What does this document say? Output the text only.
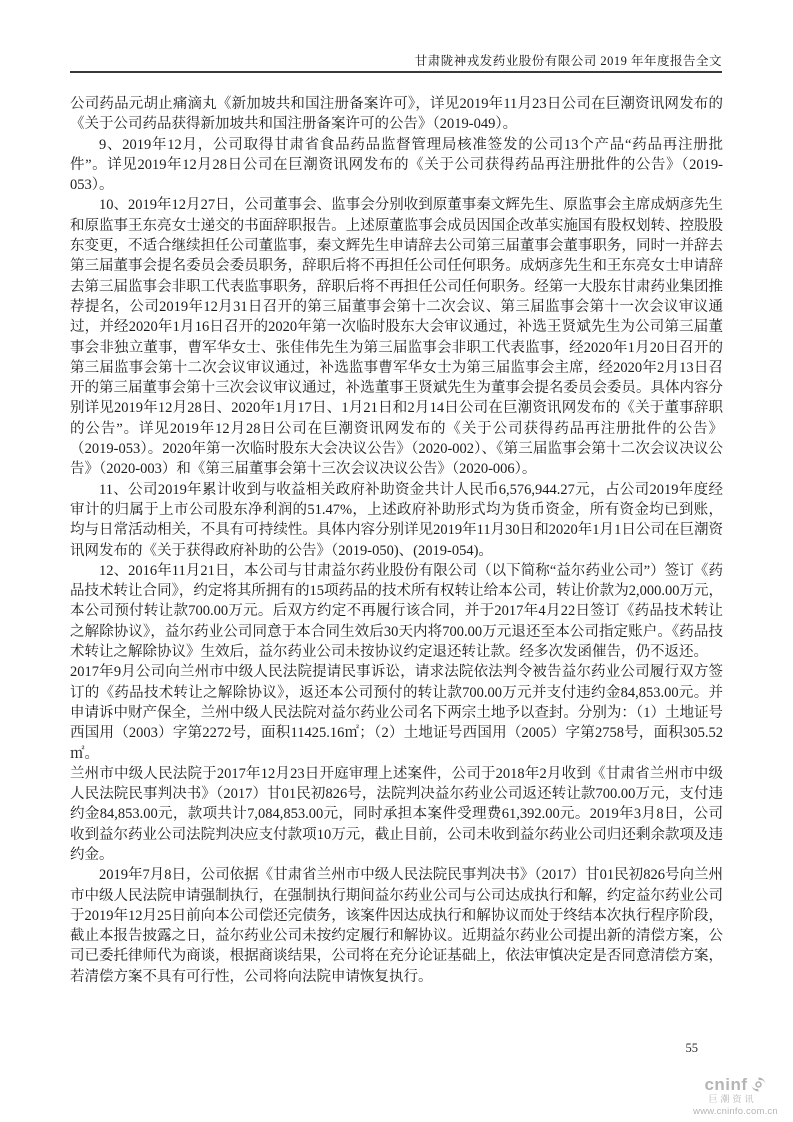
甘肃陇神戎发药业股份有限公司 2019 年年度报告全文

公司药品元胡止痛滴丸《新加坡共和国注册备案许可》，详见2019年11月23日公司在巨潮资讯网发布的《关于公司药品获得新加坡共和国注册备案许可的公告》（2019-049）。

9、2019年12月，公司取得甘肃省食品药品监督管理局核准签发的公司13个产品“药品再注册批件”。详见2019年12月28日公司在巨潮资讯网发布的《关于公司获得药品再注册批件的公告》（2019-053）。

10、2019年12月27日，公司董事会、监事会分别收到原董事秦文辉先生、原监事会主席成炳彦先生和原监事王东亮女士递交的书面辞职报告。上述原董监事会成员因国企改革实施国有股权划转、控股股东变更，不适合继续担任公司董监事，秦文辉先生申请辞去公司第三届董事会董事职务，同时一并辞去第三届董事会提名委员会委员职务，辞职后将不再担任公司任何职务。成炳彦先生和王东亮女士申请辞去第三届监事会非职工代表监事职务，辞职后将不再担任公司任何职务。经第一大股东甘肃药业集团推荐提名，公司2019年12月31日召开的第三届董事会第十二次会议、第三届监事会第十一次会议审议通过，并经2020年1月16日召开的2020年第一次临时股东大会审议通过，补选王贤斌先生为公司第三届董事会非独立董事，曹军华女士、张佳伟先生为第三届监事会非职工代表监事，经2020年1月20日召开的第三届监事会第十二次会议审议通过，补选监事曹军华女士为第三届监事会主席，经2020年2月13日召开的第三届董事会第十三次会议审议通过，补选董事王贤斌先生为董事会提名委员会委员。具体内容分别详见2019年12月28日、2020年1月17日、1月21日和2月14日公司在巨潮资讯网发布的《关于董事辞职的公告”。详见2019年12月28日公司在巨潮资讯网发布的《关于公司获得药品再注册批件的公告》（2019-053）。2020年第一次临时股东大会决议公告》（2020-002）、《第三届监事会第十二次会议决议公告》（2020-003）和《第三届董事会第十三次会议决议公告》（2020-006）。

11、公司2019年累计收到与收益相关政府补助资金共计人民币6,576,944.27元，占公司2019年度经审计的归属于上市公司股东净利润的51.47%，上述政府补助形式均为货币资金，所有资金均已到账，均与日常活动相关，不具有可持续性。具体内容分别详见2019年11月30日和2020年1月1日公司在巨潮资讯网发布的《关于获得政府补助的公告》（2019-050)、(2019-054)。

12、2016年11月21日，本公司与甘肃益尔药业股份有限公司（以下简称“益尔药业公司”）签订《药品技术转让合同》，约定将其所拥有的15项药品的技术所有权转让给本公司，转让价款为2,000.00万元，本公司预付转让款700.00万元。后双方约定不再履行该合同，并于2017年4月22日签订《药品技术转让之解除协议》，益尔药业公司同意于本合同生效后30天内将700.00万元退还至本公司指定账户。《药品技术转让之解除协议》生效后，益尔药业公司未按协议约定退还转让款。经多次发函催告，仍不返还。

2017年9月公司向兰州市中级人民法院提请民事诉讼，请求法院依法判令被告益尔药业公司履行双方签订的《药品技术转让之解除协议》，返还本公司预付的转让款700.00万元并支付违约金84,853.00元。并申请诉中财产保全，兰州中级人民法院对益尔药业公司名下两宗土地予以查封。分别为：（1）土地证号西国用（2003）字第2272号，面积11425.16㎡；（2）土地证号西国用（2005）字第2758号，面积305.52㎡。

兰州市中级人民法院于2017年12月23日开庭审理上述案件，公司于2018年2月收到《甘肃省兰州市中级人民法院民事判决书》（2017）甘01民初826号，法院判决益尔药业公司返还转让款700.00万元，支付违约金84,853.00元，款项共计7,084,853.00元，同时承担本案件受理费61,392.00元。2019年3月8日，公司收到益尔药业公司法院判决应支付款项10万元，截止目前，公司未收到益尔药业公司归还剩余款项及违约金。

2019年7月8日，公司依据《甘肃省兰州市中级人民法院民事判决书》（2017）甘01民初826号向兰州市中级人民法院申请强制执行，在强制执行期间益尔药业公司与公司达成执行和解，约定益尔药业公司于2019年12月25日前向本公司偿还完债务，该案件因达成执行和解协议而处于终结本次执行程序阶段，截止本报告披露之日，益尔药业公司未按约定履行和解协议。近期益尔药业公司提出新的清偿方案，公司已委托律师代为商谈，根据商谈结果，公司将在充分论证基础上，依法审慎决定是否同意清偿方案，若清偿方案不具有可行性，公司将向法院申请恢复执行。

55
cninf
巨潮资讯
www.cninfo.com.cn
